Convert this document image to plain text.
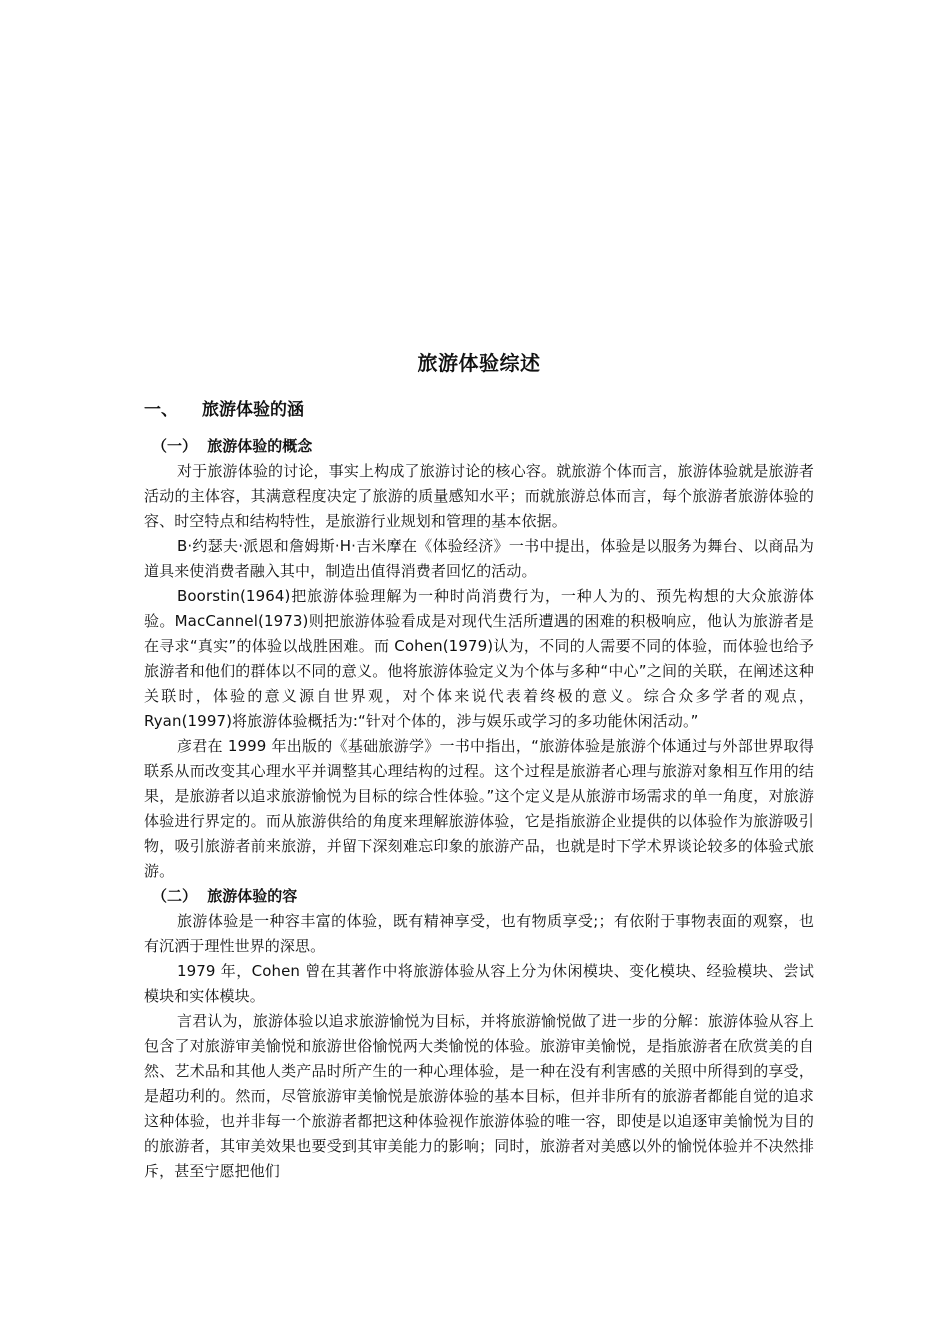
旅游体验综述
一、	旅游体验的涵
（一） 旅游体验的概念

对于旅游体验的讨论，事实上构成了旅游讨论的核心容。就旅游个体而言，旅游体验就是旅游者活动的主体容，其满意程度决定了旅游的质量感知水平；而就旅游总体而言，每个旅游者旅游体验的容、时空特点和结构特性，是旅游行业规划和管理的基本依据。

B·约瑟夫·派恩和詹姆斯·H·吉米摩在《体验经济》一书中提出，体验是以服务为舞台、以商品为道具来使消费者融入其中，制造出值得消费者回忆的活动。

Boorstin(1964)把旅游体验理解为一种时尚消费行为，一种人为的、预先构想的大众旅游体验。MacCannel(1973)则把旅游体验看成是对现代生活所遭遇的困难的积极响应，他认为旅游者是在寻求“真实”的体验以战胜困难。而 Cohen(1979)认为，不同的人需要不同的体验，而体验也给予旅游者和他们的群体以不同的意义。他将旅游体验定义为个体与多种“中心”之间的关联，在阐述这种关联时，体验的意义源自世界观，对个体来说代表着终极的意义。综合众多学者的观点，Ryan(1997)将旅游体验概括为:“针对个体的，涉与娱乐或学习的多功能休闲活动。”

彦君在 1999 年出版的《基础旅游学》一书中指出，“旅游体验是旅游个体通过与外部世界取得联系从而改变其心理水平并调整其心理结构的过程。这个过程是旅游者心理与旅游对象相互作用的结果，是旅游者以追求旅游愉悦为目标的综合性体验。”这个定义是从旅游市场需求的单一角度，对旅游体验进行界定的。而从旅游供给的角度来理解旅游体验，它是指旅游企业提供的以体验作为旅游吸引物，吸引旅游者前来旅游，并留下深刻难忘印象的旅游产品，也就是时下学术界谈论较多的体验式旅游。

（二） 旅游体验的容

旅游体验是一种容丰富的体验，既有精神享受，也有物质享受;；有依附于事物表面的观察，也有沉洒于理性世界的深思。

1979 年，Cohen 曾在其著作中将旅游体验从容上分为休闲模块、变化模块、经验模块、尝试模块和实体模块。

言君认为，旅游体验以追求旅游愉悦为目标，并将旅游愉悦做了进一步的分解：旅游体验从容上包含了对旅游审美愉悦和旅游世俗愉悦两大类愉悦的体验。旅游审美愉悦，是指旅游者在欣赏美的自然、艺术品和其他人类产品时所产生的一种心理体验，是一种在没有利害感的关照中所得到的享受，是超功利的。然而，尽管旅游审美愉悦是旅游体验的基本目标，但并非所有的旅游者都能自觉的追求这种体验，也并非每一个旅游者都把这种体验视作旅游体验的唯一容，即使是以追逐审美愉悦为目的的旅游者，其审美效果也要受到其审美能力的影响；同时，旅游者对美感以外的愉悦体验并不决然排斥，甚至宁愿把他们
